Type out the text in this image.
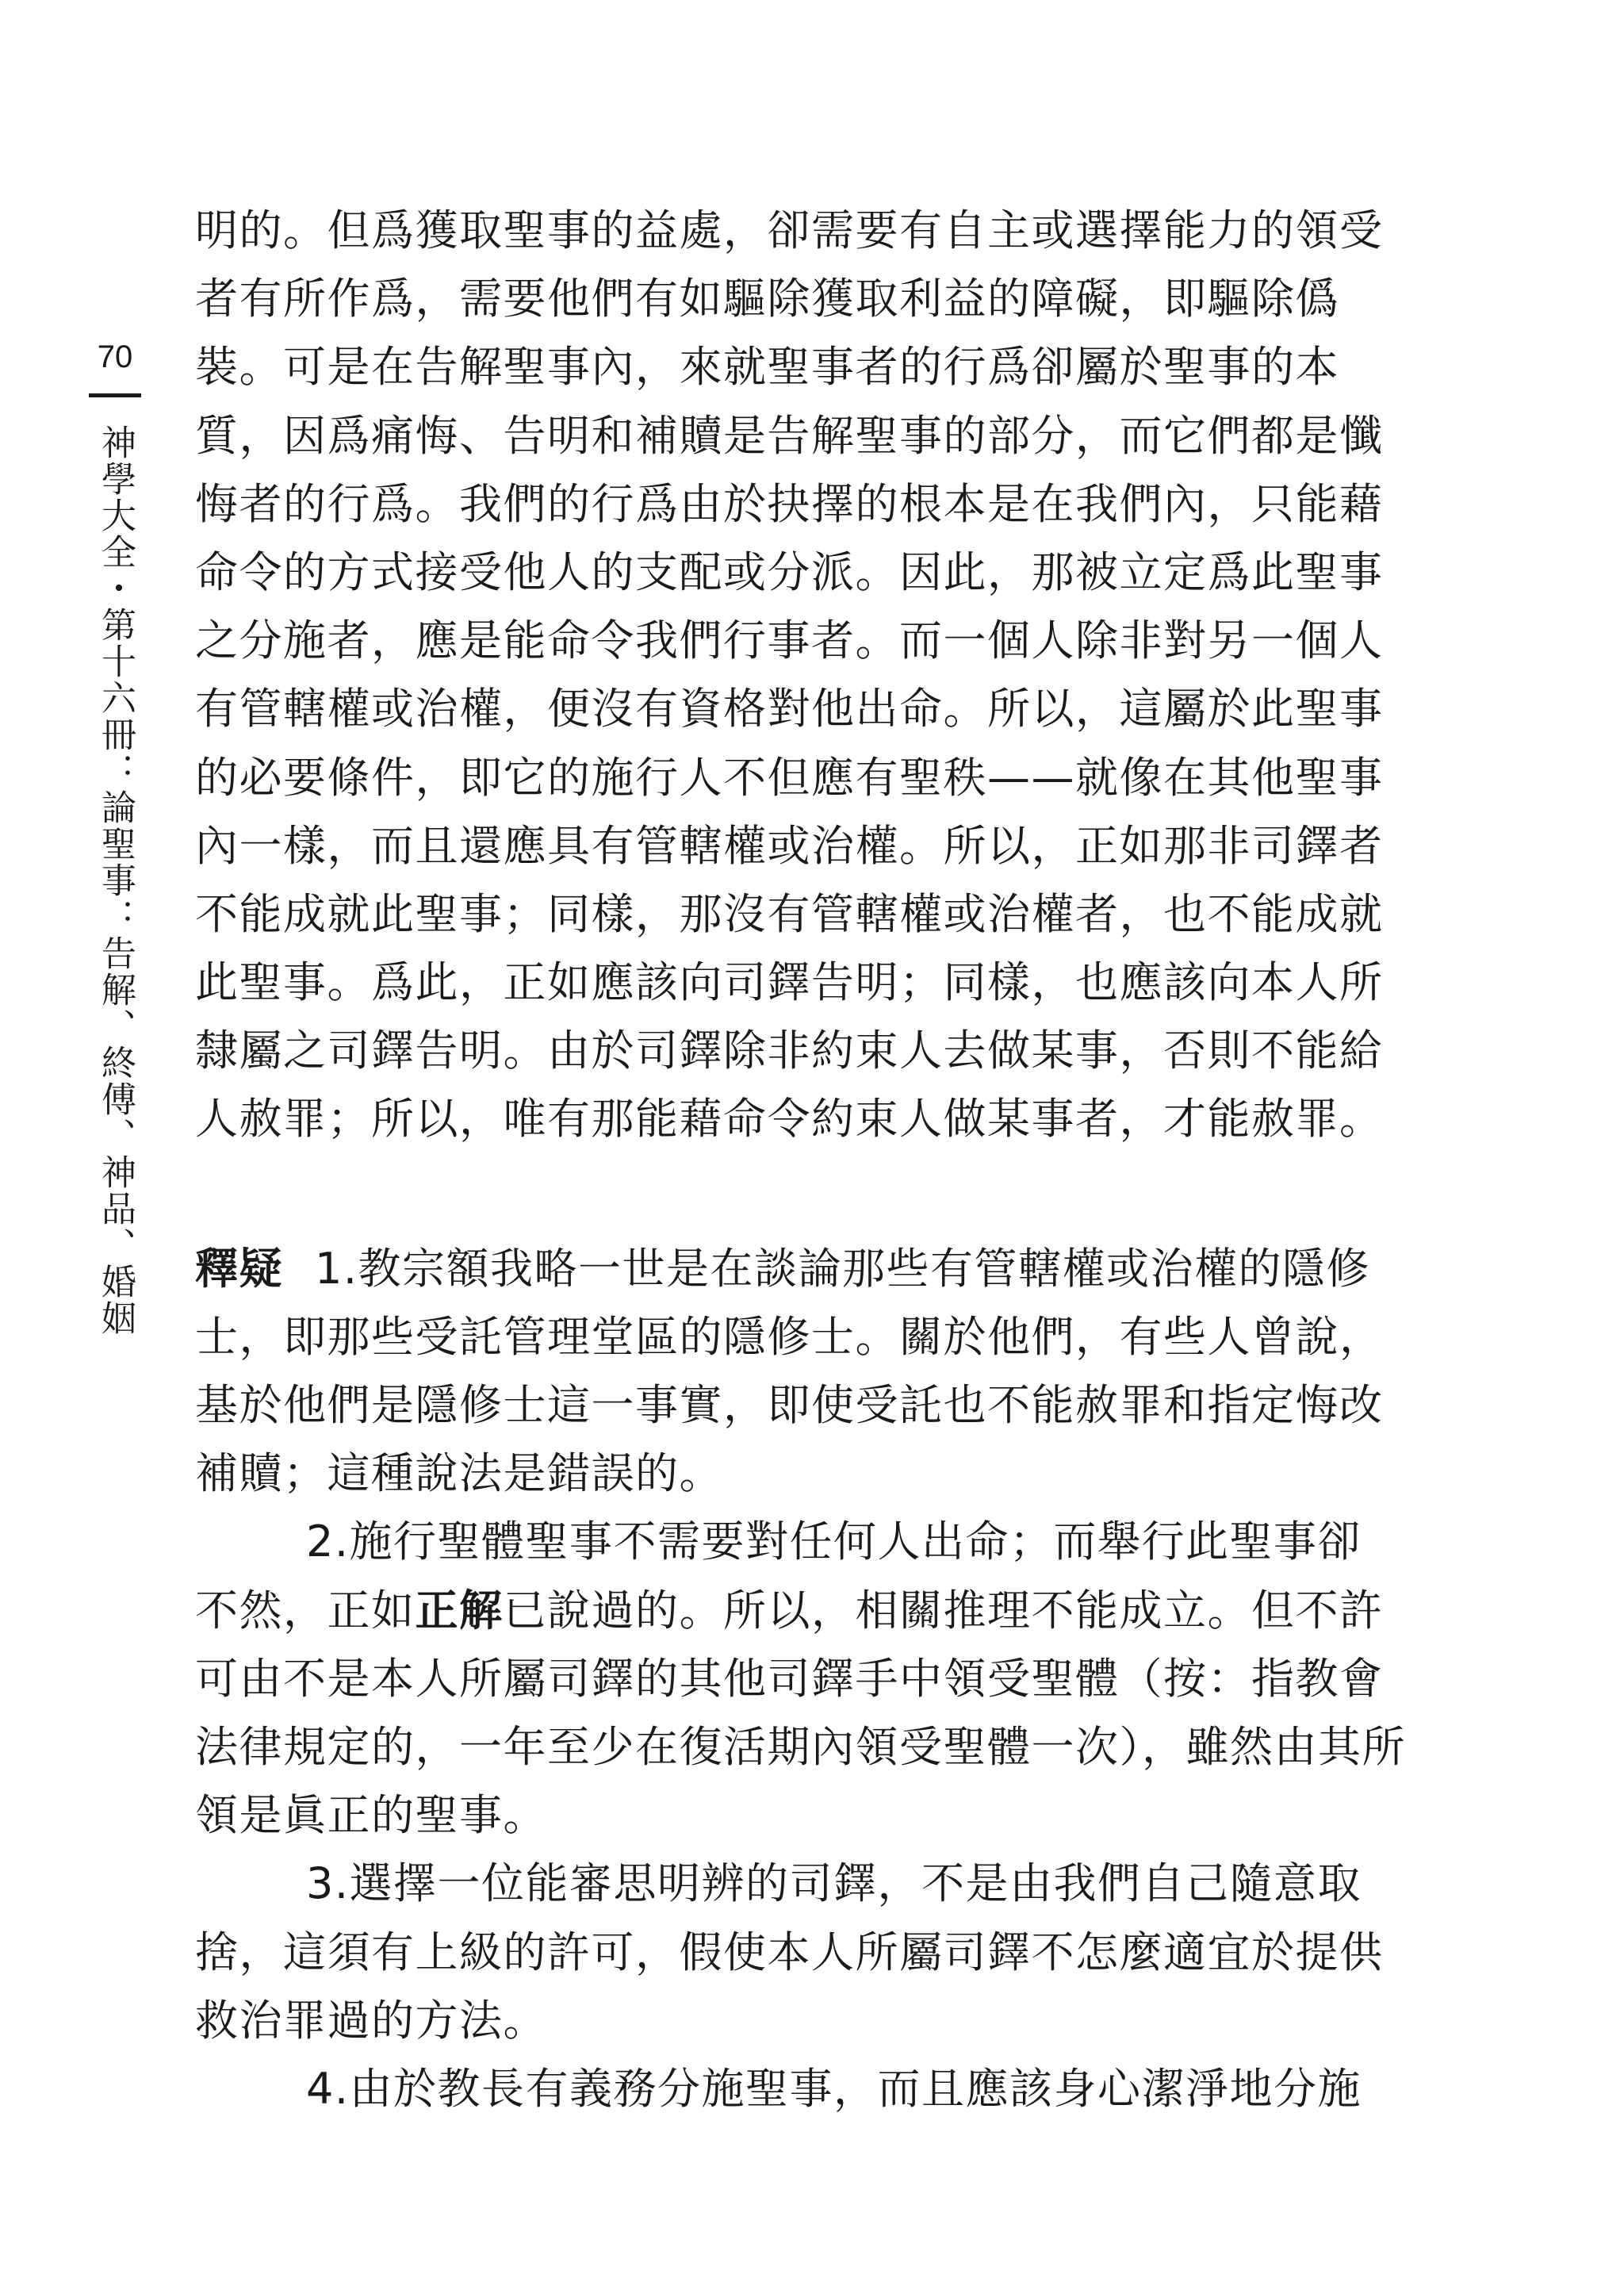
70
神學大全・第十六冊：論聖事：告解、終傅、神品、婚姻
明的。但爲獲取聖事的益處，卻需要有自主或選擇能力的領受
者有所作爲，需要他們有如驅除獲取利益的障礙，即驅除僞
裝。可是在告解聖事內，來就聖事者的行爲卻屬於聖事的本
質，因爲痛悔、告明和補贖是告解聖事的部分，而它們都是懺
悔者的行爲。我們的行爲由於抉擇的根本是在我們內，只能藉
命令的方式接受他人的支配或分派。因此，那被立定爲此聖事
之分施者，應是能命令我們行事者。而一個人除非對另一個人
有管轄權或治權，便沒有資格對他出命。所以，這屬於此聖事
的必要條件，即它的施行人不但應有聖秩——就像在其他聖事
內一樣，而且還應具有管轄權或治權。所以，正如那非司鐸者
不能成就此聖事；同樣，那沒有管轄權或治權者，也不能成就
此聖事。爲此，正如應該向司鐸告明；同樣，也應該向本人所
隸屬之司鐸告明。由於司鐸除非約束人去做某事，否則不能給
人赦罪；所以，唯有那能藉命令約束人做某事者，才能赦罪。
釋疑 1.教宗額我略一世是在談論那些有管轄權或治權的隱修
士，即那些受託管理堂區的隱修士。關於他們，有些人曾說，
基於他們是隱修士這一事實，即使受託也不能赦罪和指定悔改
補贖；這種說法是錯誤的。
2.施行聖體聖事不需要對任何人出命；而舉行此聖事卻
不然，正如正解已說過的。所以，相關推理不能成立。但不許
可由不是本人所屬司鐸的其他司鐸手中領受聖體（按：指教會
法律規定的，一年至少在復活期內領受聖體一次），雖然由其所
領是眞正的聖事。
3.選擇一位能審思明辨的司鐸，不是由我們自己隨意取
捨，這須有上級的許可，假使本人所屬司鐸不怎麼適宜於提供
救治罪過的方法。
4.由於教長有義務分施聖事，而且應該身心潔淨地分施
